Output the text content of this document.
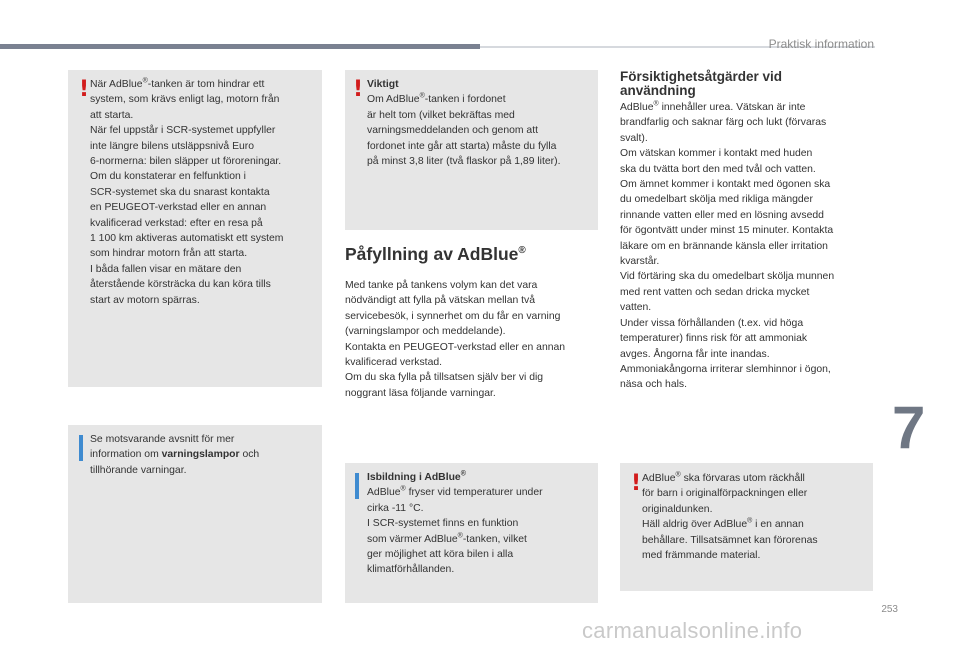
Praktisk information
! När AdBlue®-tanken är tom hindrar ett

system, som krävs enligt lag, motorn från

att starta.

När fel uppstår i SCR-systemet uppfyller

inte längre bilens utsläppsnivå Euro

6-normerna: bilen släpper ut föroreningar.

Om du konstaterar en felfunktion i

SCR-systemet ska du snarast kontakta

en PEUGEOT-verkstad eller en annan

kvalificerad verkstad: efter en resa på

1 100 km aktiveras automatiskt ett system

som hindrar motorn från att starta.

I båda fallen visar en mätare den

återstående körsträcka du kan köra tills

start av motorn spärras.

Se motsvarande avsnitt för mer

information om varningslampor och

tillhörande varningar.

! Viktigt

Om AdBlue®-tanken i fordonet

är helt tom (vilket bekräftas med

varningsmeddelanden och genom att

fordonet inte går att starta) måste du fylla

på minst 3,8 liter (två flaskor på 1,89 liter).

Påfyllning av AdBlue®

Med tanke på tankens volym kan det vara

nödvändigt att fylla på vätskan mellan två

servicebesök, i synnerhet om du får en varning

(varningslampor och meddelande).

Kontakta en PEUGEOT-verkstad eller en annan

kvalificerad verkstad.

Om du ska fylla på tillsatsen själv ber vi dig

noggrant läsa följande varningar.

Isbildning i AdBlue®

AdBlue® fryser vid temperaturer under

cirka -11 °C.

I SCR-systemet finns en funktion

som värmer AdBlue®-tanken, vilket

ger möjlighet att köra bilen i alla

klimatförhållanden.

Försiktighetsåtgärder vid
användning

AdBlue® innehåller urea. Vätskan är inte

brandfarlig och saknar färg och lukt (förvaras

svalt).

Om vätskan kommer i kontakt med huden

ska du tvätta bort den med tvål och vatten.

Om ämnet kommer i kontakt med ögonen ska

du omedelbart skölja med rikliga mängder

rinnande vatten eller med en lösning avsedd

för ögontvätt under minst 15 minuter. Kontakta

läkare om en brännande känsla eller irritation

kvarstår.

Vid förtäring ska du omedelbart skölja munnen

med rent vatten och sedan dricka mycket

vatten.

Under vissa förhållanden (t.ex. vid höga

temperaturer) finns risk för att ammoniak

avges. Ångorna får inte inandas.

Ammoniakångorna irriterar slemhinnor i ögon,

näsa och hals.

! AdBlue® ska förvaras utom räckhåll

för barn i originalförpackningen eller

originaldunken.

Häll aldrig över AdBlue® i en annan

behållare. Tillsatsämnet kan förorenas

med främmande material.

7
253
carmanualsonline.info
